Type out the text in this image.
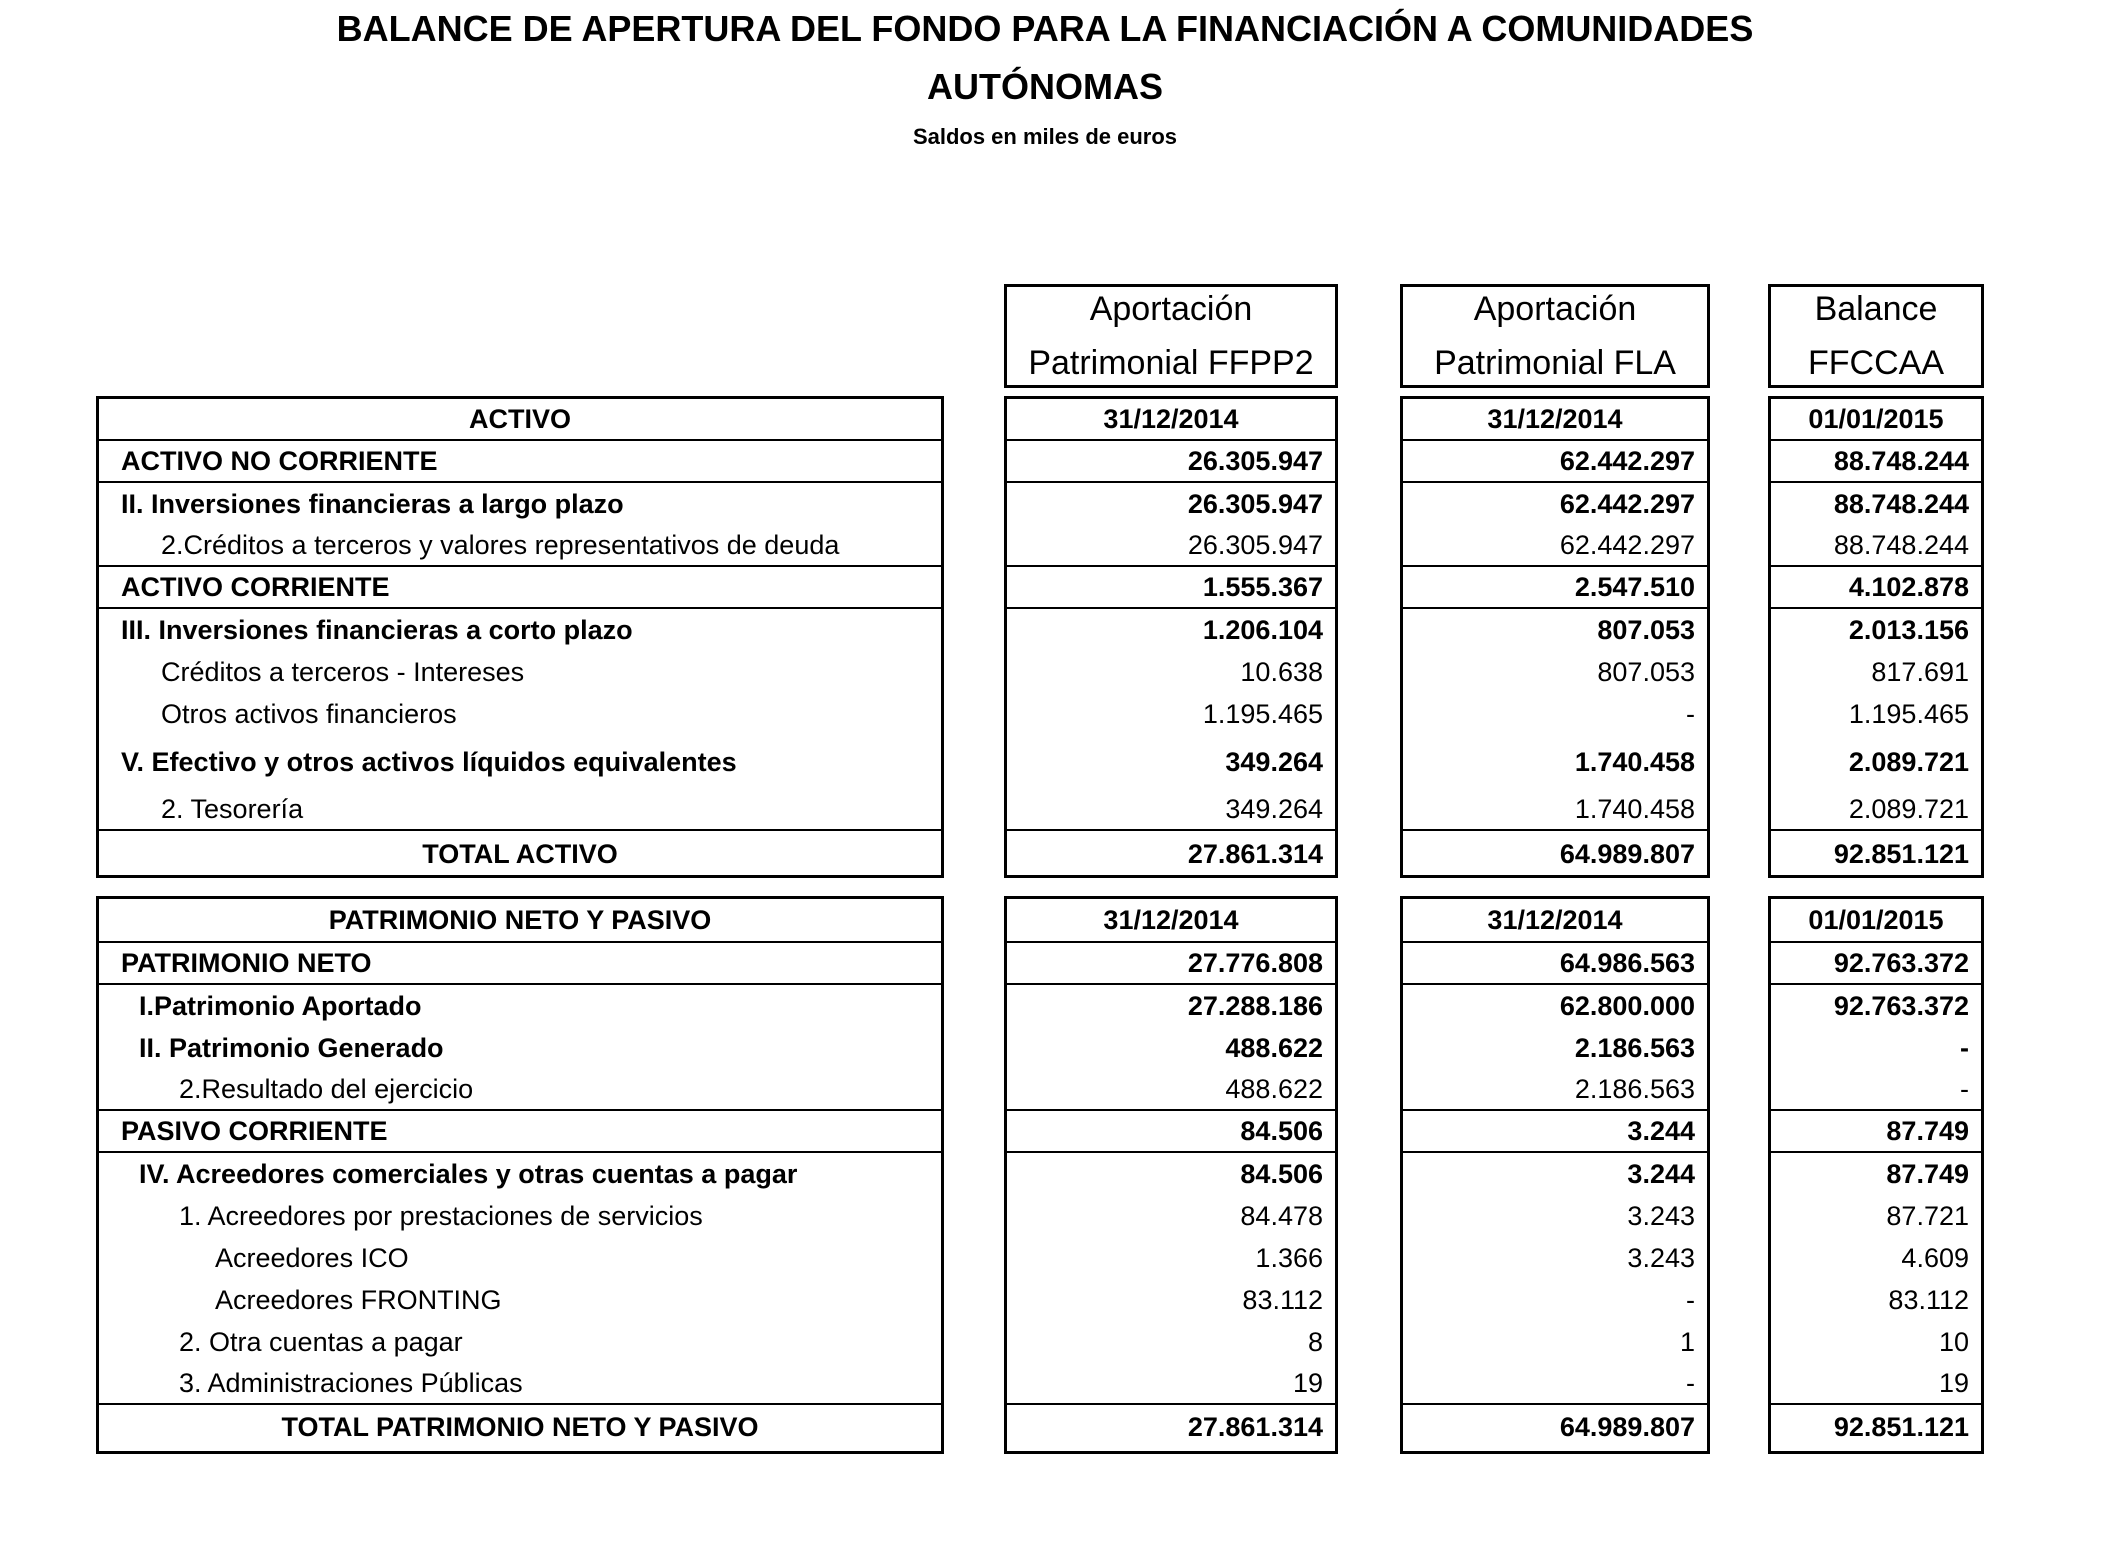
BALANCE DE APERTURA DEL FONDO PARA LA FINANCIACIÓN A COMUNIDADES
AUTÓNOMAS
Saldos en miles de euros
Aportación
Patrimonial FFPP2
Aportación
Patrimonial FLA
Balance
FFCCAA
ACTIVO
ACTIVO NO CORRIENTE
II. Inversiones financieras a largo plazo
2.Créditos a terceros y valores representativos de deuda
ACTIVO CORRIENTE
III. Inversiones financieras a corto plazo
Créditos a terceros - Intereses
Otros activos financieros
V. Efectivo y otros activos líquidos equivalentes
2. Tesorería
TOTAL ACTIVO
31/12/2014
26.305.947
26.305.947
26.305.947
1.555.367
1.206.104
10.638
1.195.465
349.264
349.264
27.861.314
31/12/2014
62.442.297
62.442.297
62.442.297
2.547.510
807.053
807.053
-
1.740.458
1.740.458
64.989.807
01/01/2015
88.748.244
88.748.244
88.748.244
4.102.878
2.013.156
817.691
1.195.465
2.089.721
2.089.721
92.851.121
PATRIMONIO NETO Y PASIVO
PATRIMONIO NETO
I.Patrimonio Aportado
II. Patrimonio Generado
2.Resultado del ejercicio
PASIVO CORRIENTE
IV. Acreedores comerciales y otras cuentas a pagar
1. Acreedores por prestaciones de servicios
Acreedores ICO
Acreedores FRONTING
2. Otra cuentas a pagar
3. Administraciones Públicas
TOTAL PATRIMONIO NETO Y PASIVO
31/12/2014
27.776.808
27.288.186
488.622
488.622
84.506
84.506
84.478
1.366
83.112
8
19
27.861.314
31/12/2014
64.986.563
62.800.000
2.186.563
2.186.563
3.244
3.244
3.243
3.243
-
1
-
64.989.807
01/01/2015
92.763.372
92.763.372
-
-
87.749
87.749
87.721
4.609
83.112
10
19
92.851.121
